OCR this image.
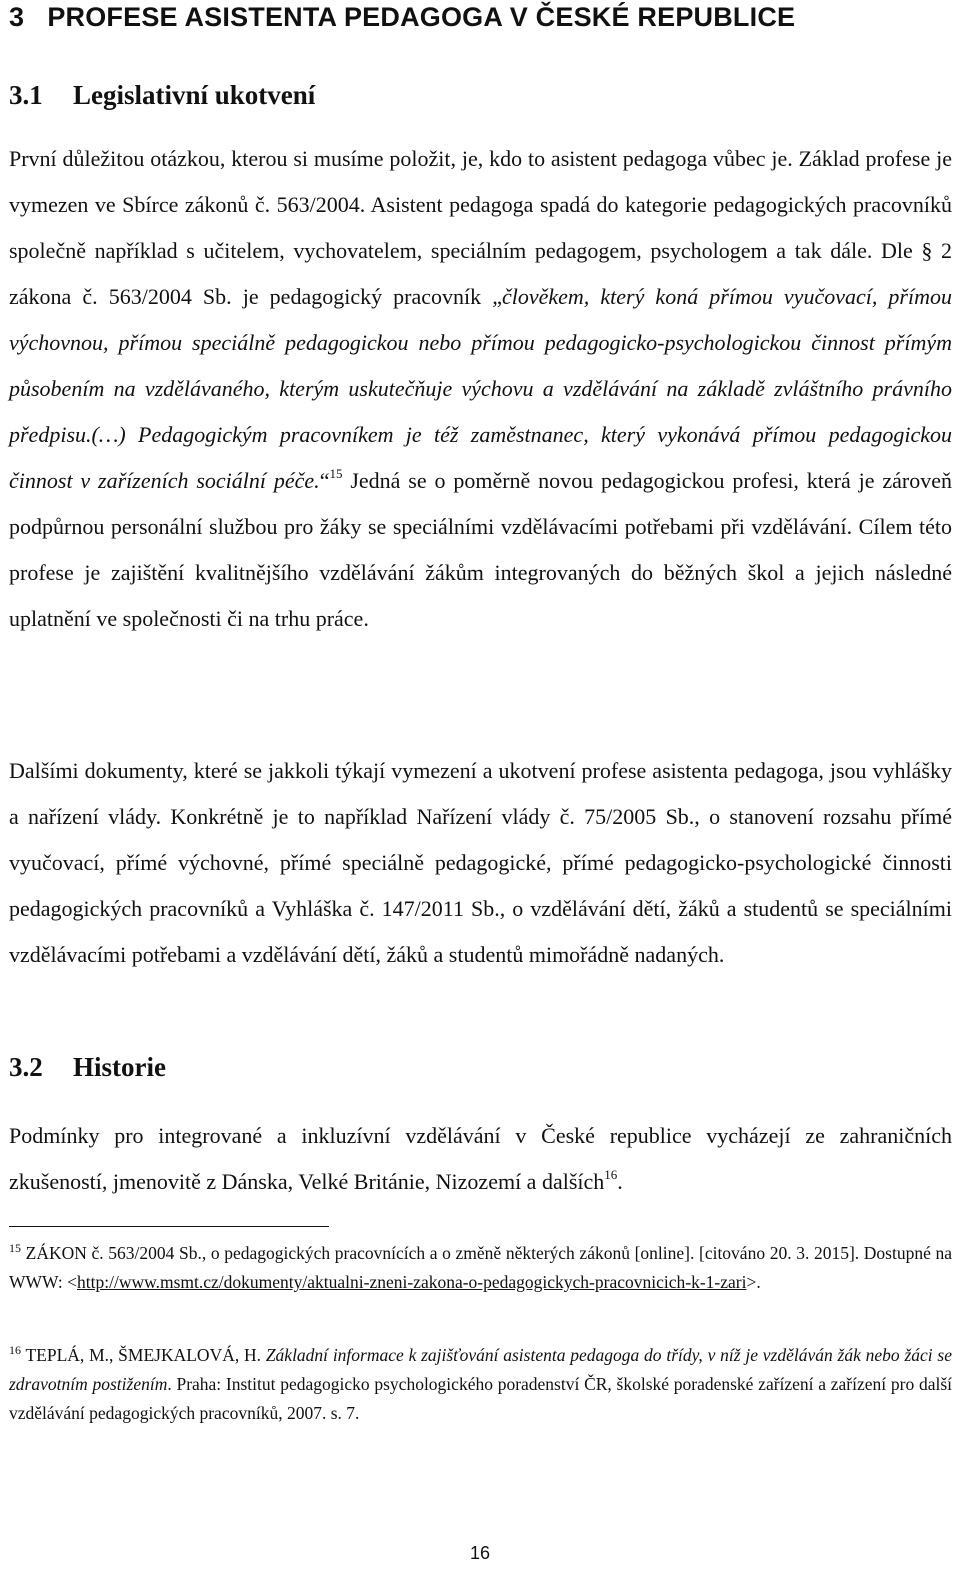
3 PROFESE ASISTENTA PEDAGOGA V ČESKÉ REPUBLICE
3.1 Legislativní ukotvení

První důležitou otázkou, kterou si musíme položit, je, kdo to asistent pedagoga vůbec je. Základ profese je vymezen ve Sbírce zákonů č. 563/2004. Asistent pedagoga spadá do kategorie pedagogických pracovníků společně například s učitelem, vychovatelem, speciálním pedagogem, psychologem a tak dále. Dle § 2 zákona č. 563/2004 Sb. je pedagogický pracovník „člověkem, který koná přímou vyučovací, přímou výchovnou, přímou speciálně pedagogickou nebo přímou pedagogicko-psychologickou činnost přímým působením na vzdělávaného, kterým uskutečňuje výchovu a vzdělávání na základě zvláštního právního předpisu.(…) Pedagogickým pracovníkem je též zaměstnanec, který vykonává přímou pedagogickou činnost v zařízeních sociální péče.“$^{15}$ Jedná se o poměrně novou pedagogickou profesi, která je zároveň podpůrnou personální službou pro žáky se speciálními vzdělávacími potřebami při vzdělávání. Cílem této profese je zajištění kvalitnějšího vzdělávání žákům integrovaných do běžných škol a jejich následné uplatnění ve společnosti či na trhu práce.

Dalšími dokumenty, které se jakkoli týkají vymezení a ukotvení profese asistenta pedagoga, jsou vyhlášky a nařízení vlády. Konkrétně je to například Nařízení vlády č. 75/2005 Sb., o stanovení rozsahu přímé vyučovací, přímé výchovné, přímé speciálně pedagogické, přímé pedagogicko-psychologické činnosti pedagogických pracovníků a Vyhláška č. 147/2011 Sb., o vzdělávání dětí, žáků a studentů se speciálními vzdělávacími potřebami a vzdělávání dětí, žáků a studentů mimořádně nadaných.

3.2 Historie

Podmínky pro integrované a inkluzívní vzdělávání v České republice vycházejí ze zahraničních zkušeností, jmenovitě z Dánska, Velké Británie, Nizozemí a dalších$^{16}$.

$^{15}$ ZÁKON č. 563/2004 Sb., o pedagogických pracovnících a o změně některých zákonů [online]. [citováno 20. 3. 2015]. Dostupné na WWW: <http://www.msmt.cz/dokumenty/aktualni-zneni-zakona-o-pedagogickych-pracovnicich-k-1-zari>.

$^{16}$ TEPLÁ, M., ŠMEJKALOVÁ, H. Základní informace k zajišťování asistenta pedagoga do třídy, v níž je vzděláván žák nebo žáci se zdravotním postižením. Praha: Institut pedagogicko psychologického poradenství ČR, školské poradenské zařízení a zařízení pro další vzdělávání pedagogických pracovníků, 2007. s. 7.

16
